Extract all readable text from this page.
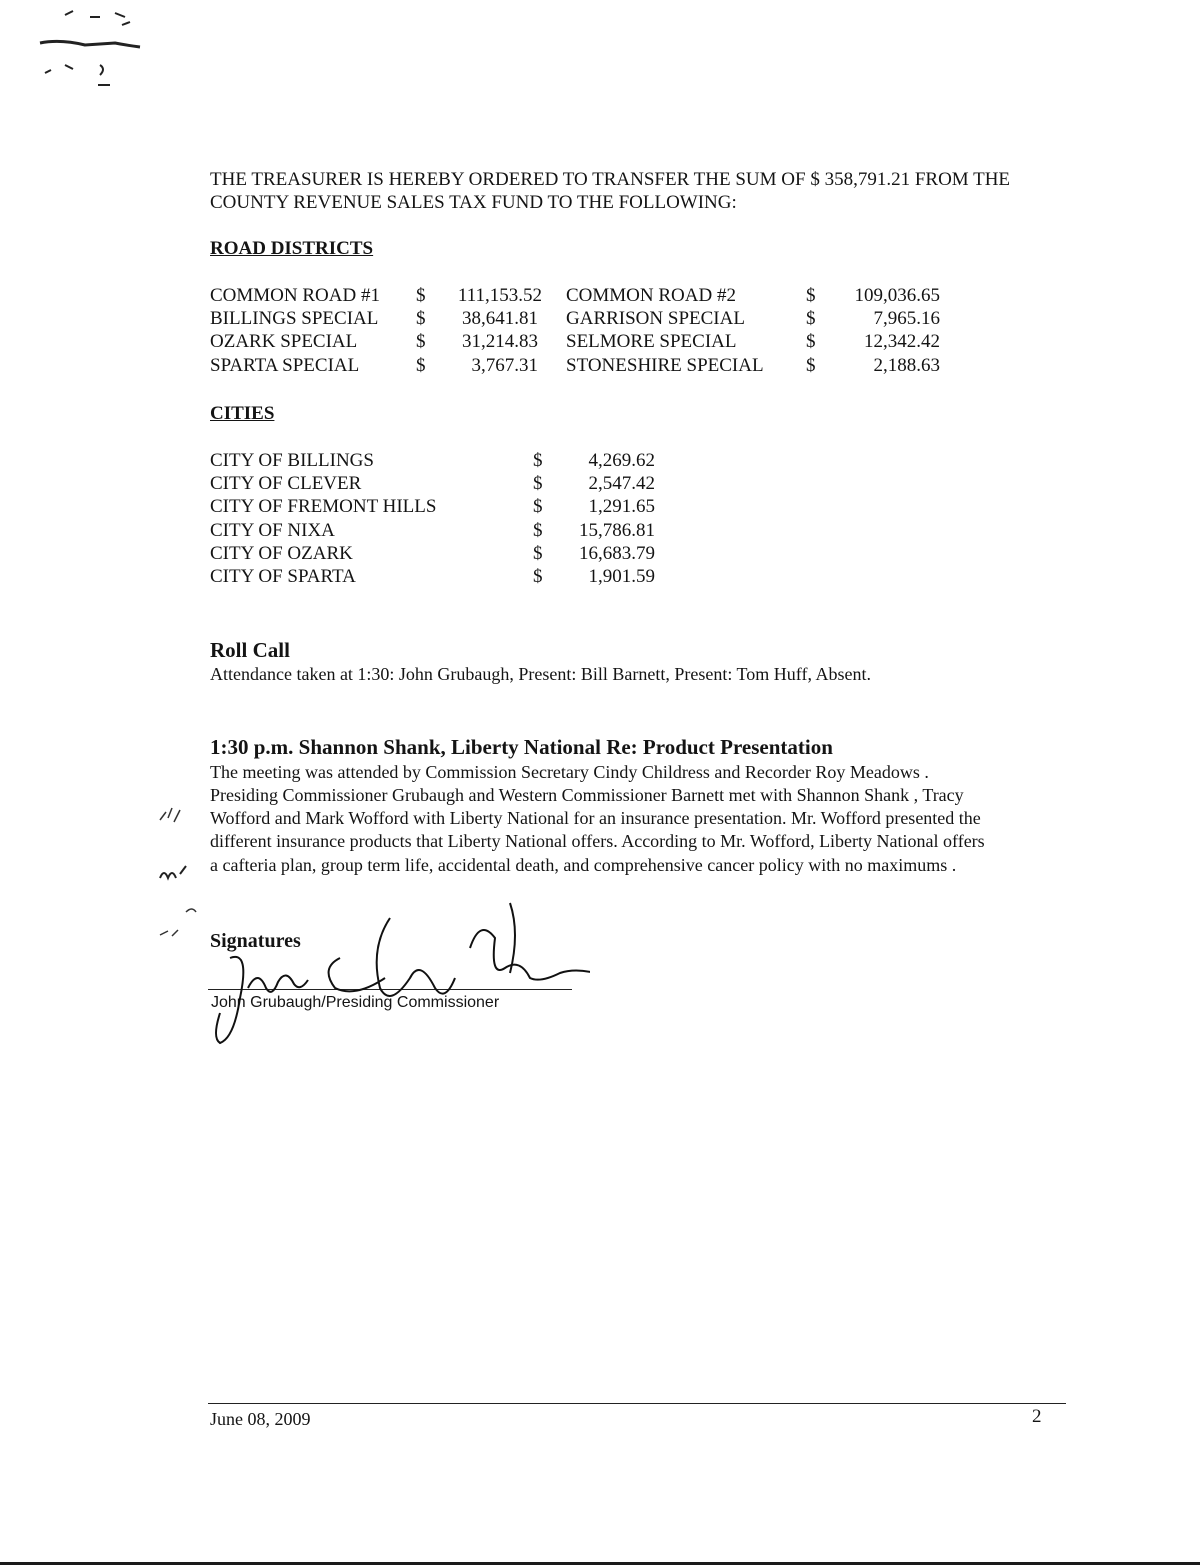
THE TREASURER IS HEREBY ORDERED TO TRANSFER THE SUM OF $ 358,791.21 FROM THE
COUNTY REVENUE SALES TAX FUND TO THE FOLLOWING:
ROAD DISTRICTS
COMMON ROAD #1 $	111,153.52 COMMON ROAD #2	$	109,036.65
BILLINGS SPECIAL $	38,641.81 GARRISON SPECIAL	$	7,965.16
OZARK SPECIAL	$	31,214.83 SELMORE SPECIAL	$	12,342.42
SPARTA SPECIAL	$	3,767.31 STONESHIRE SPECIAL $	2,188.63
CITIES
CITY OF BILLINGS	$	4,269.62
CITY OF CLEVER	$	2,547.42
CITY OF FREMONT HILLS	$	1,291.65
CITY OF NIXA	$	15,786.81
CITY OF OZARK	$	16,683.79
CITY OF SPARTA	$	1,901.59
Roll Call
Attendance taken at 1:30: John Grubaugh, Present: Bill Barnett, Present: Tom Huff, Absent.
1:30 p.m. Shannon Shank, Liberty National Re: Product Presentation
The meeting was attended by Commission Secretary Cindy Childress and Recorder Roy Meadows .
Presiding Commissioner Grubaugh and Western Commissioner Barnett met with Shannon Shank , Tracy
Wofford and Mark Wofford with Liberty National for an insurance presentation. Mr. Wofford presented the
different insurance products that Liberty National offers. According to Mr. Wofford, Liberty National offers
a cafteria plan, group term life, accidental death, and comprehensive cancer policy with no maximums .
Signatures
John Grubaugh/Presiding Commissioner
June 08, 2009	2
